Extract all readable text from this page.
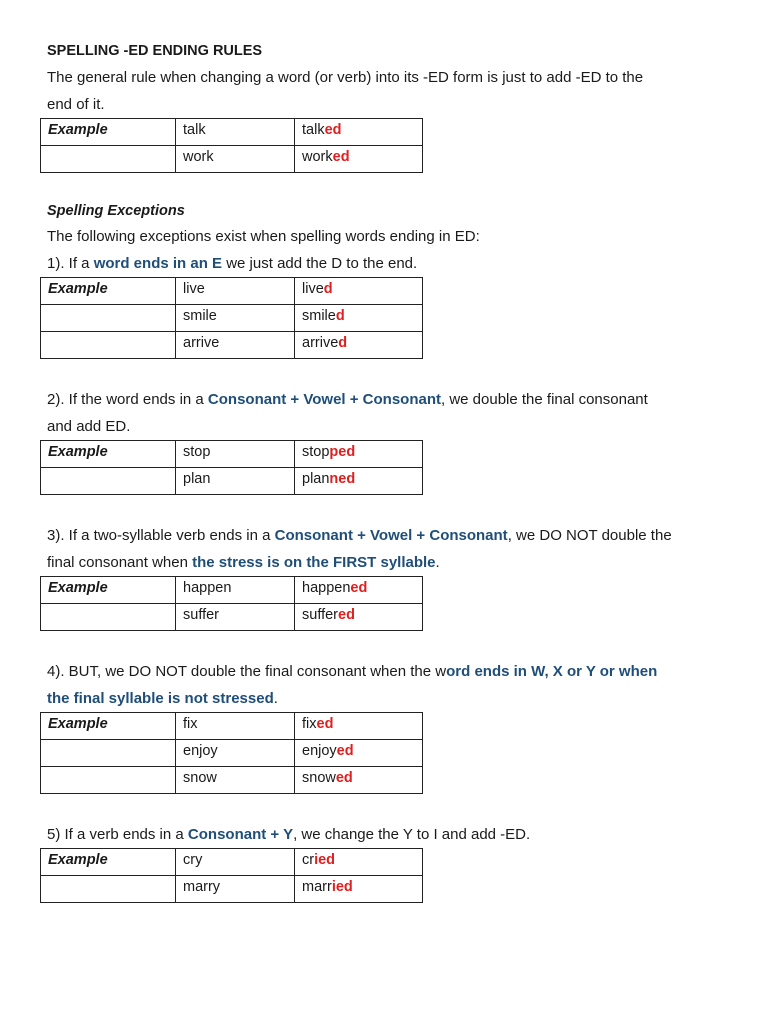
SPELLING -ED ENDING RULES

The general rule when changing a word (or verb) into its -ED form is just to add -ED to the

end of it.

Example	talk	talked
	work	worked

Spelling Exceptions

The following exceptions exist when spelling words ending in ED:

1). If a word ends in an E we just add the D to the end.

Example	live	lived
	smile	smiled
	arrive	arrived

2). If the word ends in a Consonant + Vowel + Consonant, we double the final consonant

and add ED.

Example	stop	stopped
	plan	planned

3). If a two-syllable verb ends in a Consonant + Vowel + Consonant, we DO NOT double the

final consonant when the stress is on the FIRST syllable.

Example	happen	happened
	suffer	suffered

4). BUT, we DO NOT double the final consonant when the word ends in W, X or Y or when

the final syllable is not stressed.

Example	fix	fixed
	enjoy	enjoyed
	snow	snowed

5) If a verb ends in a Consonant + Y, we change the Y to I and add -ED.

Example	cry	cried
	marry	married
